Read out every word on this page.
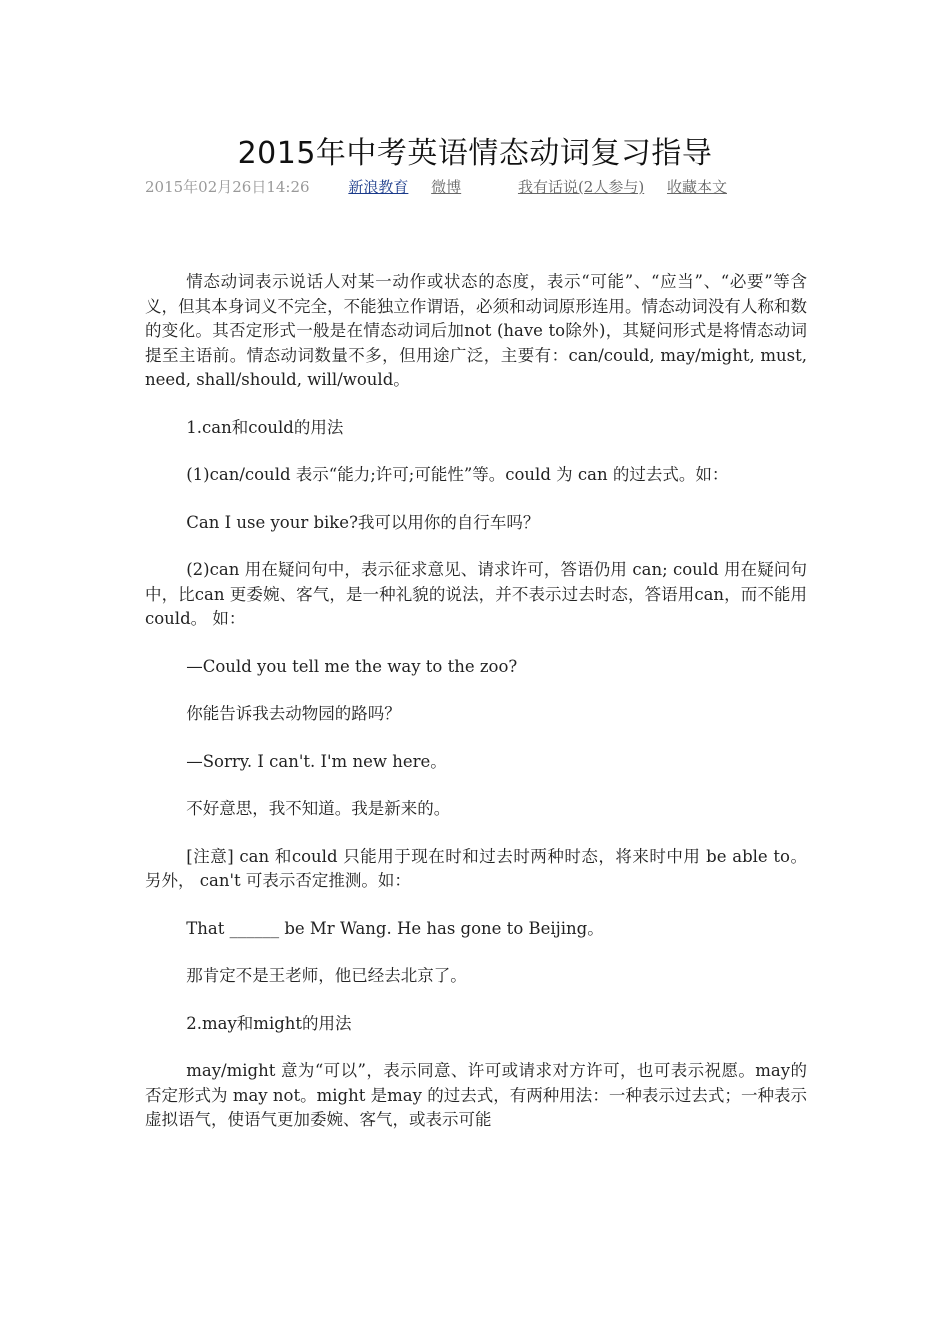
2015年中考英语情态动词复习指导
2015年02月26日14:26	新浪教育 微博	我有话说(2人参与) 收藏本文

情态动词表示说话人对某一动作或状态的态度，表示“可能”、“应当”、“必要”等含义，但其本身词义不完全，不能独立作谓语，必须和动词原形连用。情态动词没有人称和数的变化。其否定形式一般是在情态动词后加not (have to除外)，其疑问形式是将情态动词提至主语前。情态动词数量不多，但用途广泛，主要有：can/could, may/might, must, need, shall/should, will/would。

1.can和could的用法

(1)can/could 表示“能力;许可;可能性”等。could 为 can 的过去式。如：

Can I use your bike?我可以用你的自行车吗？

(2)can 用在疑问句中，表示征求意见、请求许可，答语仍用 can; could 用在疑问句中，比can 更委婉、客气，是一种礼貌的说法，并不表示过去时态，答语用can，而不能用could。 如：

—Could you tell me the way to the zoo?

你能告诉我去动物园的路吗？

—Sorry. I can't. I'm new here。

不好意思，我不知道。我是新来的。

[注意] can 和could 只能用于现在时和过去时两种时态，将来时中用 be able to。另外， can't 可表示否定推测。如：

That ______ be Mr Wang. He has gone to Beijing。

那肯定不是王老师，他已经去北京了。

2.may和might的用法

may/might 意为“可以”，表示同意、许可或请求对方许可，也可表示祝愿。may的否定形式为 may not。might 是may 的过去式，有两种用法：一种表示过去式；一种表示虚拟语气，使语气更加委婉、客气，或表示可能
